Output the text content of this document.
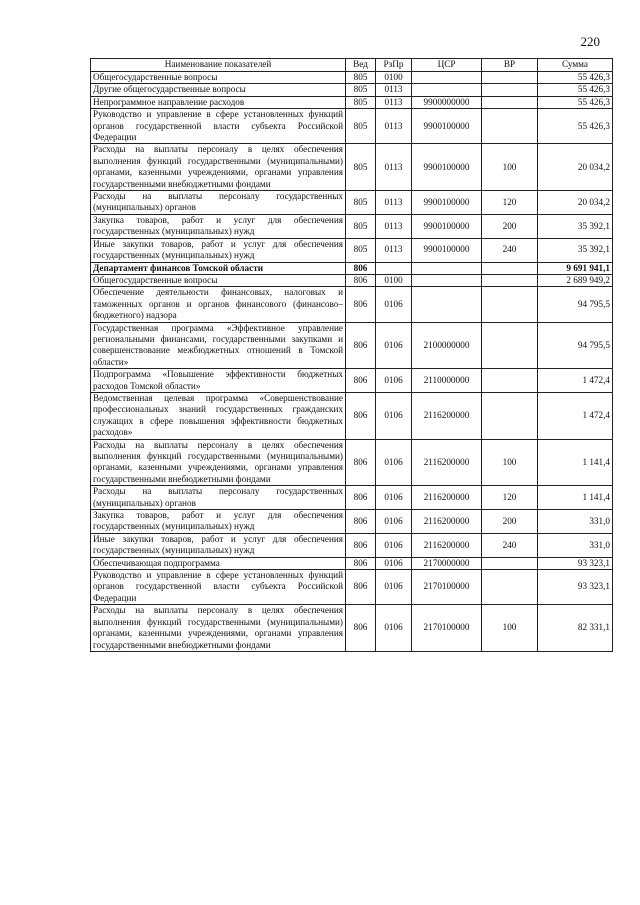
220
Наименование показателей	Вед	РзПр	ЦСР	ВР	Сумма
Общегосударственные вопросы	805	0100			55 426,3
Другие общегосударственные вопросы	805	0113			55 426,3
Непрограммное направление расходов	805	0113	9900000000		55 426,3
Руководство и управление в сфере установленных функций органов государственной власти субъекта Российской Федерации	805	0113	9900100000		55 426,3
Расходы на выплаты персоналу в целях обеспечения выполнения функций государственными (муниципальными) органами, казенными учреждениями, органами управления государственными внебюджетными фондами	805	0113	9900100000	100	20 034,2
Расходы на выплаты персоналу государственных (муниципальных) органов	805	0113	9900100000	120	20 034,2
Закупка товаров, работ и услуг для обеспечения государственных (муниципальных) нужд	805	0113	9900100000	200	35 392,1
Иные закупки товаров, работ и услуг для обеспечения государственных (муниципальных) нужд	805	0113	9900100000	240	35 392,1
Департамент финансов Томской области	806				9 691 941,1
Общегосударственные вопросы	806	0100			2 689 949,2
Обеспечение деятельности финансовых, налоговых и таможенных органов и органов финансового (финансово–бюджетного) надзора	806	0106			94 795,5
Государственная программа «Эффективное управление региональными финансами, государственными закупками и совершенствование межбюджетных отношений в Томской области»	806	0106	2100000000		94 795,5
Подпрограмма «Повышение эффективности бюджетных расходов Томской области»	806	0106	2110000000		1 472,4
Ведомственная целевая программа «Совершенствование профессиональных знаний государственных гражданских служащих в сфере повышения эффективности бюджетных расходов»	806	0106	2116200000		1 472,4
Расходы на выплаты персоналу в целях обеспечения выполнения функций государственными (муниципальными) органами, казенными учреждениями, органами управления государственными внебюджетными фондами	806	0106	2116200000	100	1 141,4
Расходы на выплаты персоналу государственных (муниципальных) органов	806	0106	2116200000	120	1 141,4
Закупка товаров, работ и услуг для обеспечения государственных (муниципальных) нужд	806	0106	2116200000	200	331,0
Иные закупки товаров, работ и услуг для обеспечения государственных (муниципальных) нужд	806	0106	2116200000	240	331,0
Обеспечивающая подпрограмма	806	0106	2170000000		93 323,1
Руководство и управление в сфере установленных функций органов государственной власти субъекта Российской Федерации	806	0106	2170100000		93 323,1
Расходы на выплаты персоналу в целях обеспечения выполнения функций государственными (муниципальными) органами, казенными учреждениями, органами управления государственными внебюджетными фондами	806	0106	2170100000	100	82 331,1
